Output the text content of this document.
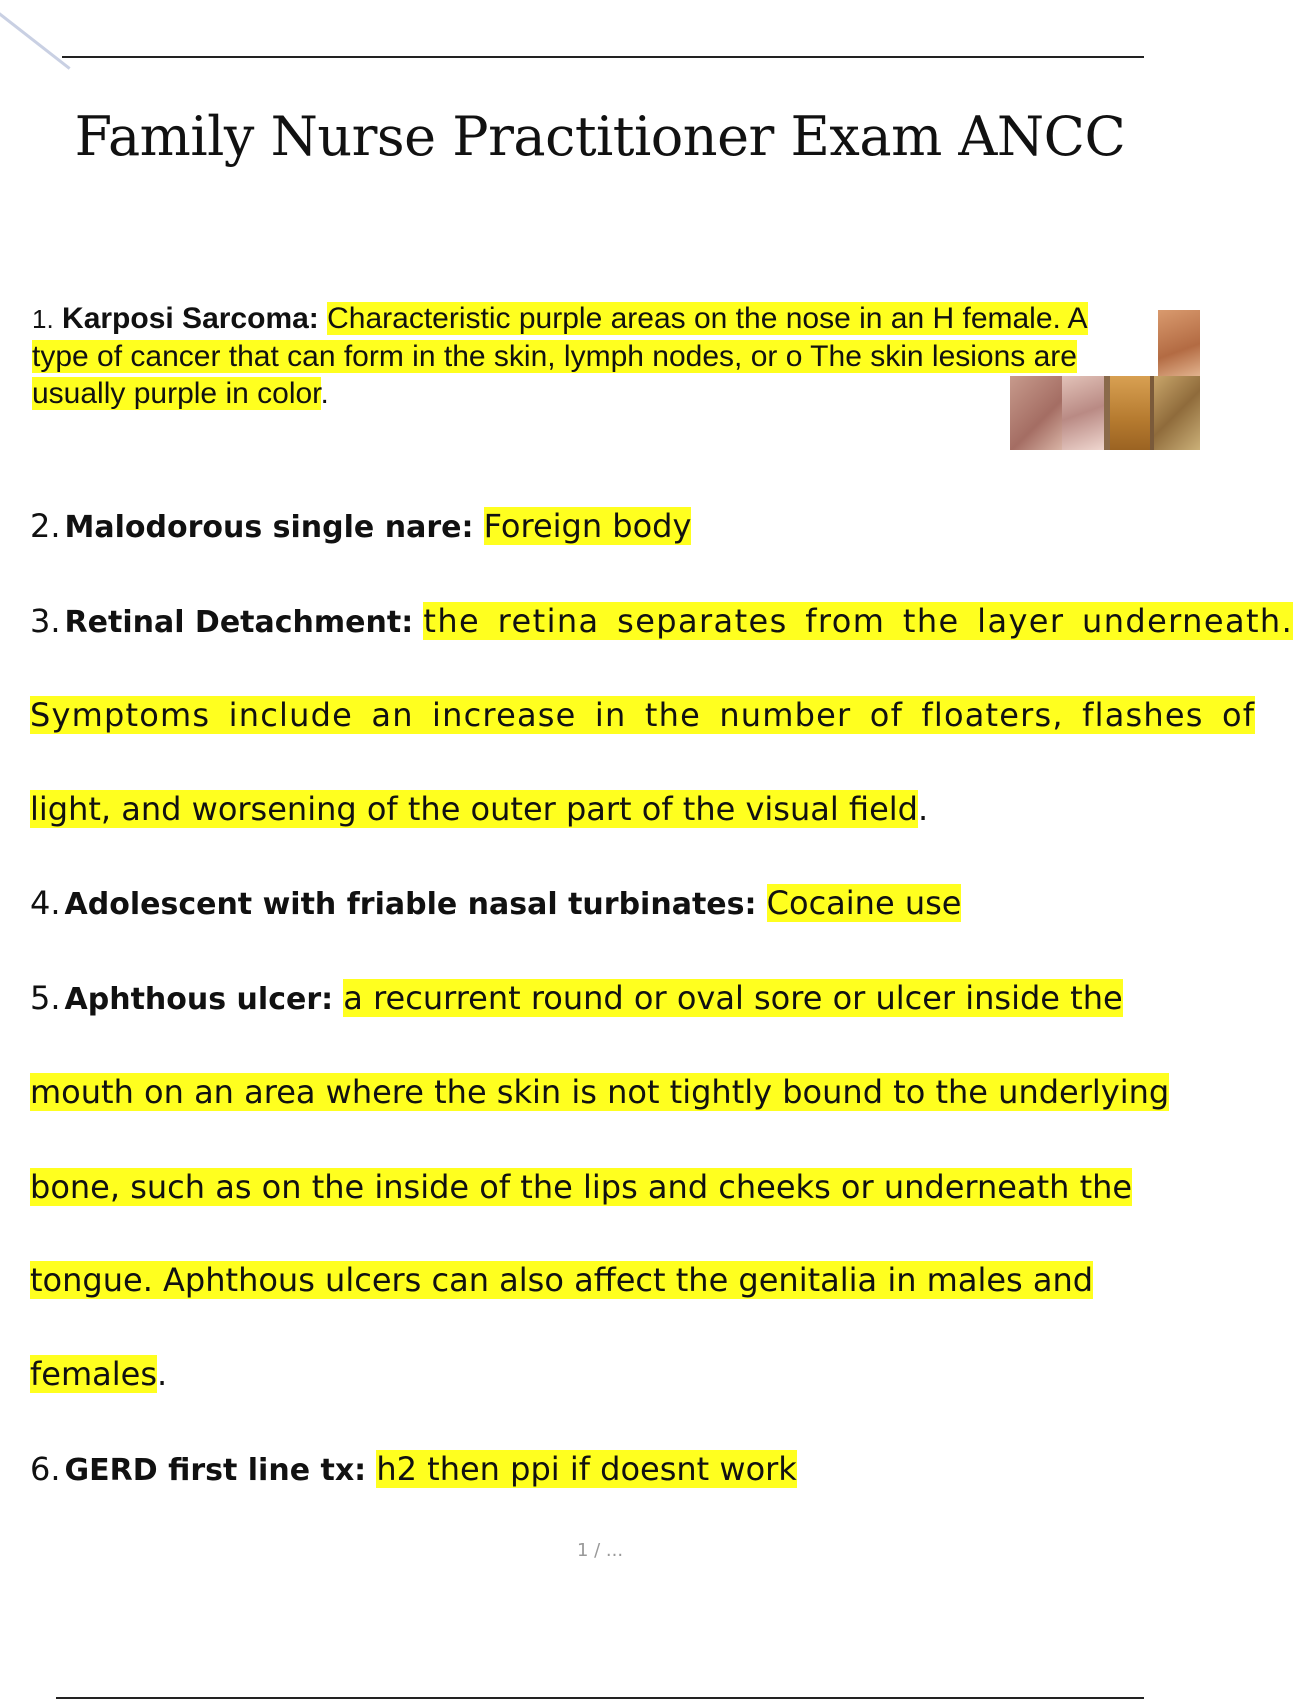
Family Nurse Practitioner Exam ANCC
1. Karposi Sarcoma: Characteristic purple areas on the nose in an H female. A
type of cancer that can form in the skin, lymph nodes, or o The skin lesions are
usually purple in color.
2. Malodorous single nare: Foreign body
3. Retinal Detachment: the retina separates from the layer underneath.
Symptoms include an increase in the number of floaters, flashes of
light, and worsening of the outer part of the visual field.
4. Adolescent with friable nasal turbinates: Cocaine use
5. Aphthous ulcer: a recurrent round or oval sore or ulcer inside the
mouth on an area where the skin is not tightly bound to the underlying
bone, such as on the inside of the lips and cheeks or underneath the
tongue. Aphthous ulcers can also affect the genitalia in males and
females.
6. GERD first line tx: h2 then ppi if doesnt work
1 / ...
